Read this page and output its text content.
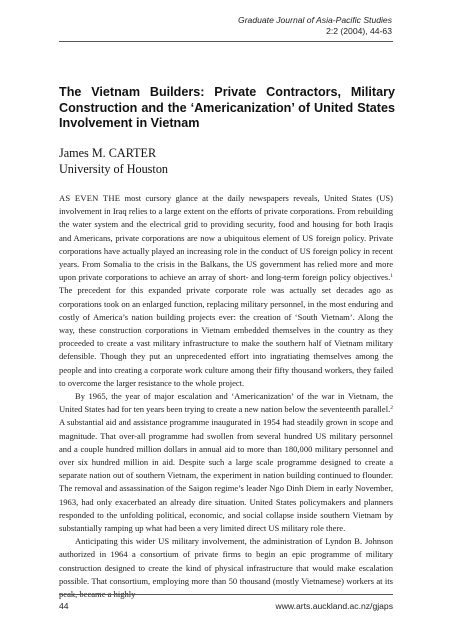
Graduate Journal of Asia-Pacific Studies
2:2 (2004), 44-63
The Vietnam Builders: Private Contractors, Military Construction and the ‘Americanization’ of United States Involvement in Vietnam
James M. CARTER
University of Houston

AS EVEN THE most cursory glance at the daily newspapers reveals, United States (US) involvement in Iraq relies to a large extent on the efforts of private corporations. From rebuilding the water system and the electrical grid to providing security, food and housing for both Iraqis and Americans, private corporations are now a ubiquitous element of US foreign policy. Private corporations have actually played an increasing role in the conduct of US foreign policy in recent years. From Somalia to the crisis in the Balkans, the US government has relied more and more upon private corporations to achieve an array of short- and long-term foreign policy objectives.$^1$ The precedent for this expanded private corporate role was actually set decades ago as corporations took on an enlarged function, replacing military personnel, in the most enduring and costly of America’s nation building projects ever: the creation of ‘South Vietnam’. Along the way, these construction corporations in Vietnam embedded themselves in the country as they proceeded to create a vast military infrastructure to make the southern half of Vietnam military defensible. Though they put an unprecedented effort into ingratiating themselves among the people and into creating a corporate work culture among their fifty thousand workers, they failed to overcome the larger resistance to the whole project.

By 1965, the year of major escalation and ‘Americanization’ of the war in Vietnam, the United States had for ten years been trying to create a new nation below the seventeenth parallel.$^2$ A substantial aid and assistance programme inaugurated in 1954 had steadily grown in scope and magnitude. That over-all programme had swollen from several hundred US military personnel and a couple hundred million dollars in annual aid to more than 180,000 military personnel and over six hundred million in aid. Despite such a large scale programme designed to create a separate nation out of southern Vietnam, the experiment in nation building continued to flounder. The removal and assassination of the Saigon regime’s leader Ngo Dinh Diem in early November, 1963, had only exacerbated an already dire situation. United States policymakers and planners responded to the unfolding political, economic, and social collapse inside southern Vietnam by substantially ramping up what had been a very limited direct US military role there.

Anticipating this wider US military involvement, the administration of Lyndon B. Johnson authorized in 1964 a consortium of private firms to begin an epic programme of military construction designed to create the kind of physical infrastructure that would make escalation possible. That consortium, employing more than 50 thousand (mostly Vietnamese) workers at its peak, became a highly

44	www.arts.auckland.ac.nz/gjaps
